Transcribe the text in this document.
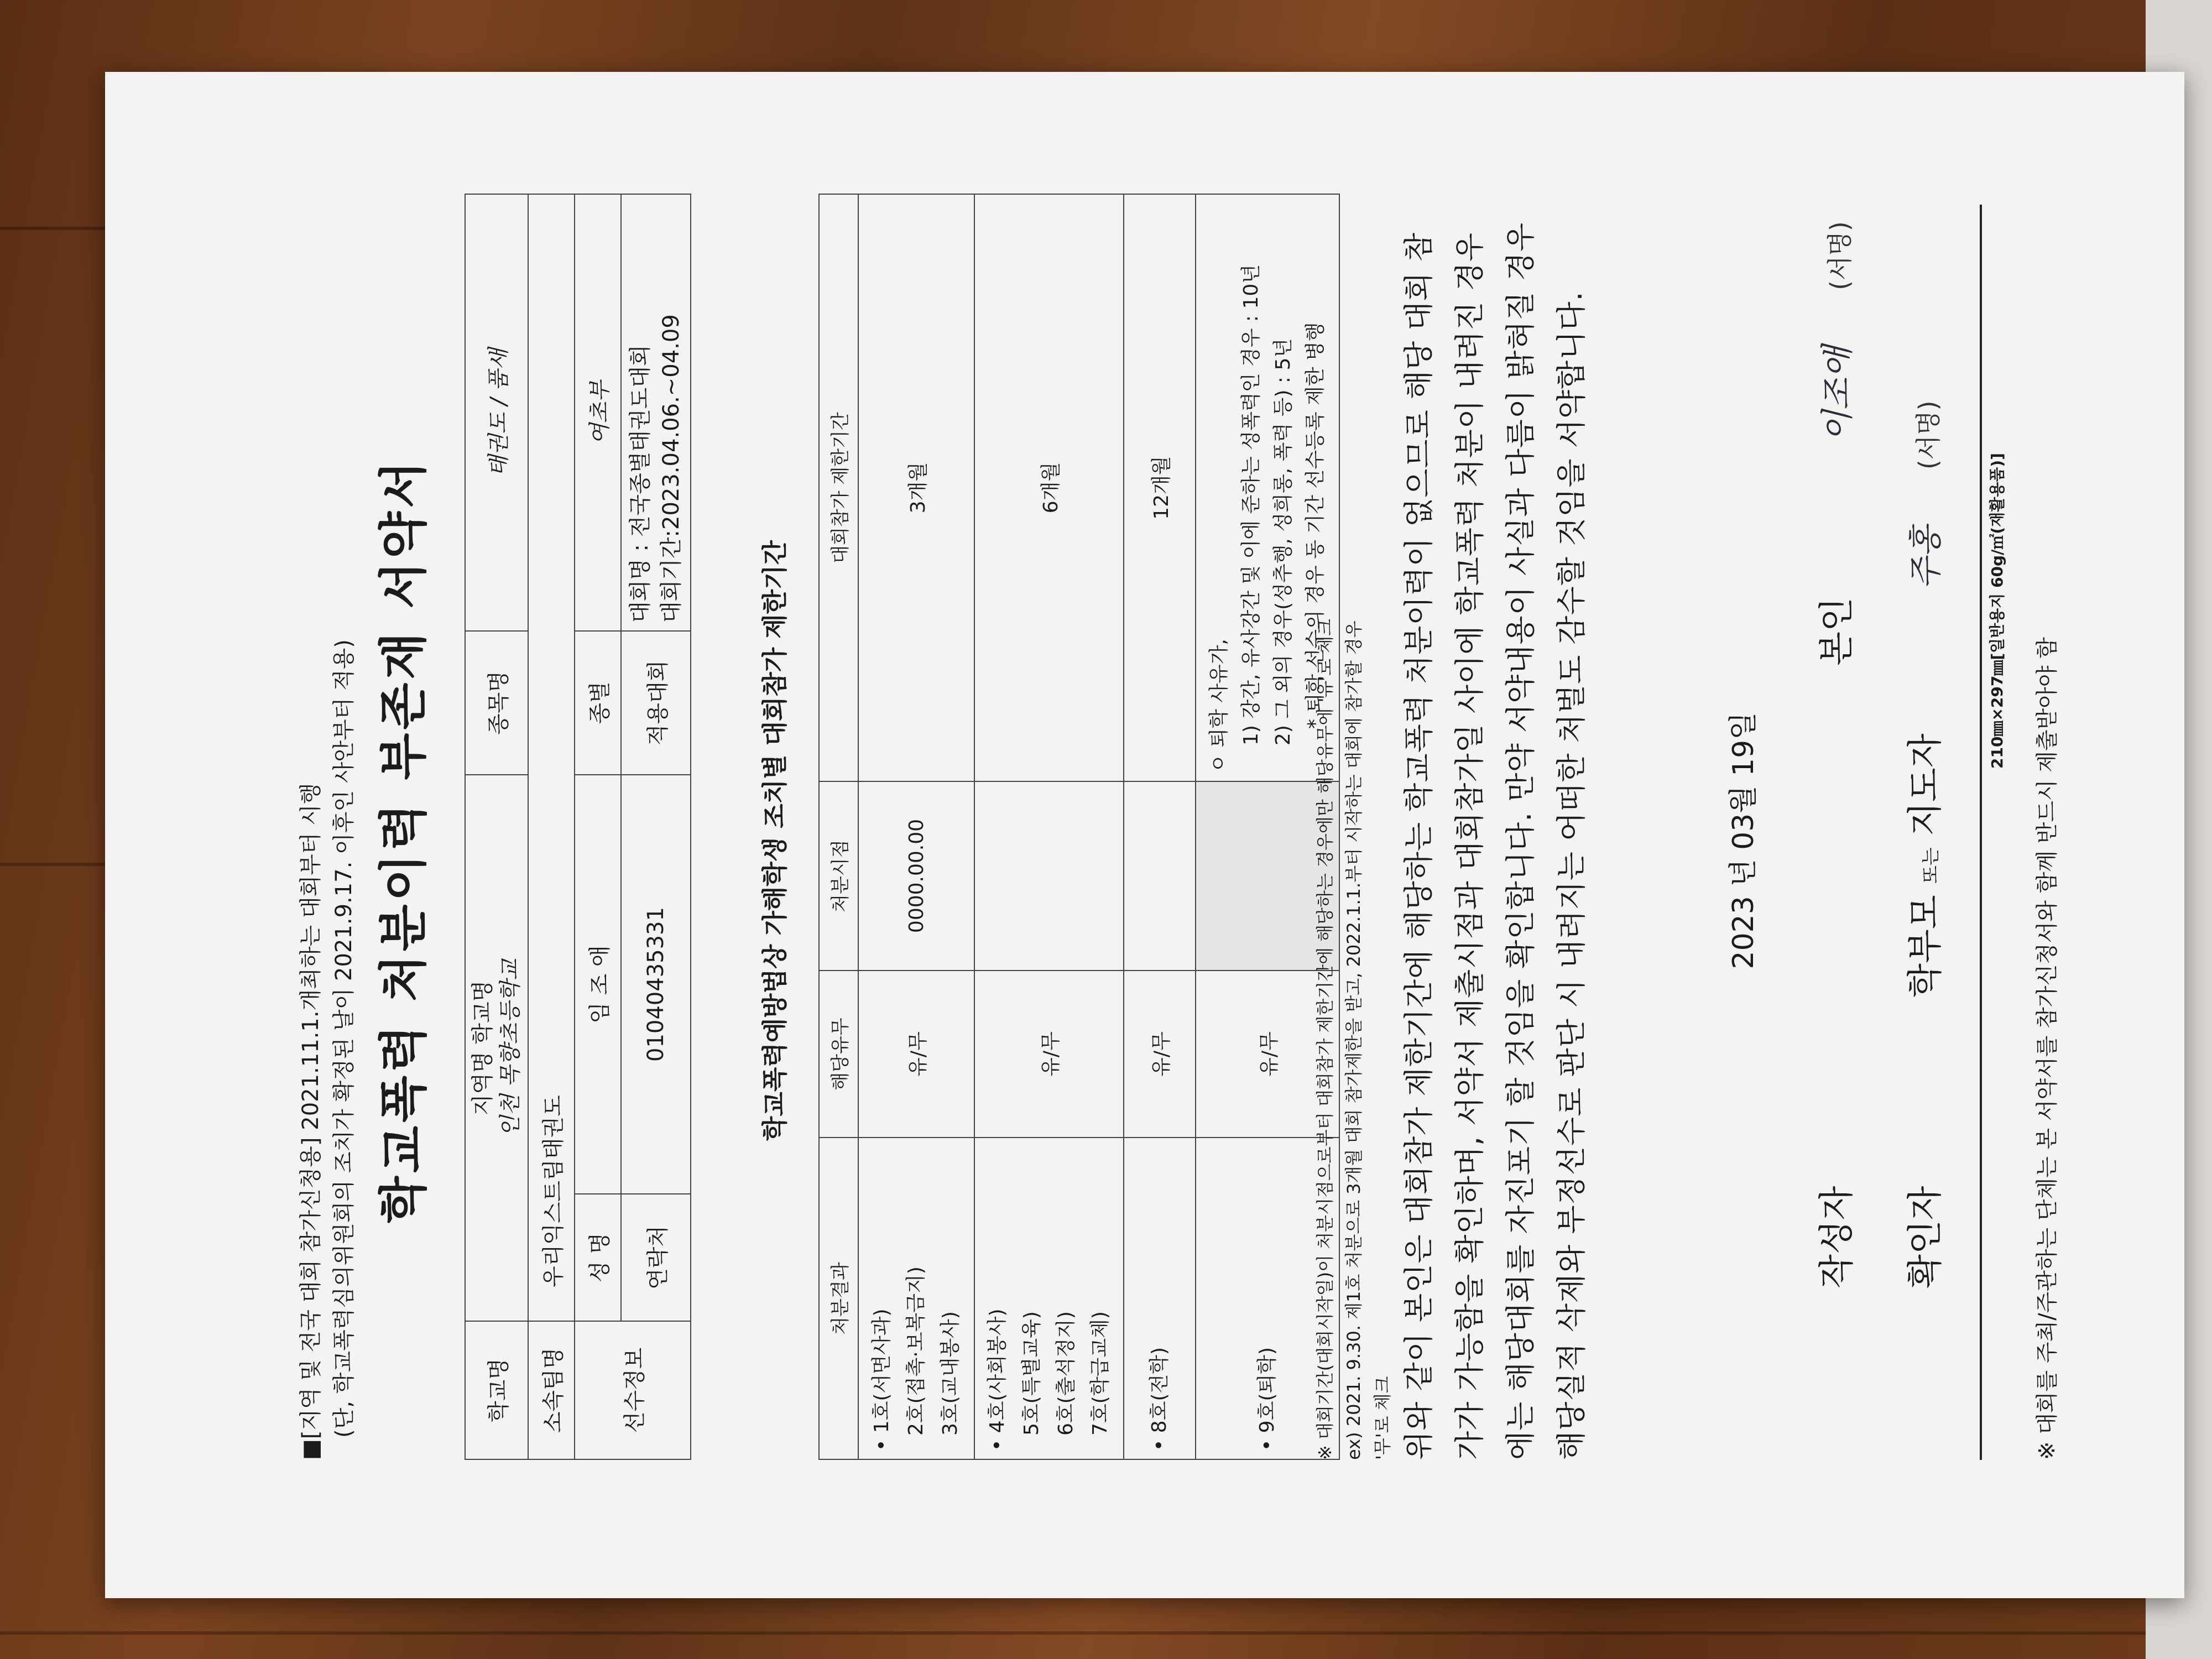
■[지역 및 전국 대회 참가신청용] 2021.11.1.개최하는 대회부터 시행 (단, 학교폭력심의위원회의 조치가 확정된 날이 2021.9.17. 이후인 사안부터 적용) 학교폭력 처분이력 부존재 서약서
학교명	지역명 학교명 인천 목향초등학교		종목명	태권도 / 품새
소속팀명	우리익스트림태권도			
선수정보	성 명	임 조 애	종별	여초부
	연락처	01040435331	적용대회	대회명 : 전국종별태권도대회 대회기간:2023.04.06.~04.09
학교폭력예방법상 가해학생 조치별 대회참가 제한기간
처분결과	해당유무	처분시점	대회참가 제한기간

• 1호(서면사과) 2호(접촉·보복금지) 3호(교내봉사)	유/무	0000.00.00	3개월

• 4호(사회봉사) 5호(특별교육) 6호(출석정지) 7호(학급교체)	유/무		6개월

• 8호(전학)	유/무		12개월

• 9호(퇴학)	유/무		ㅇ 퇴학 사유가, 1) 강간, 유사강간 및 이에 준하는 성폭력인 경우 : 10년 2) 그 외의 경우(성추행, 성희롱, 폭력 등) : 5년 * 퇴학 선수의 경우 동 기간 선수등록 제한 병행
※ 대회기간(대회시작일)이 처분시점으로부터 대회참가 제한기간에 해당하는 경우에만 해당유무에 '유'로 체크 ex) 2021. 9.30. 제1호 처분으로 3개월 대회 참가제한을 받고, 2022.1.1.부터 시작하는 대회에 참가할 경우 '무'로 체크 위와 같이 본인은 대회참가 제한기간에 해당하는 학교폭력 처분이력이 없으므로 해당 대회 참가가 가능함을 확인하며, 서약서 제출시점과 대회참가일 사이에 학교폭력 처분이 내려진 경우에는 해당대회를 자진포기 할 것임을 확인합니다. 만약 서약내용이 사실과 다름이 밝혀질 경우 해당실적 삭제와 부정선수로 판단 시 내려지는 어떠한 처벌도 감수할 것임을 서약합니다.	2023 년 03월 19일
작성자  본인  이조애  (서명)
확인자  학부모 또는 지도자  주홍  (서명)
210㎜×297㎜[일반용지 60g/㎡(재활용품)]
※ 대회를 주최/주관하는 단체는 본 서약서를 참가신청서와 함께 반드시 제출받아야 함
